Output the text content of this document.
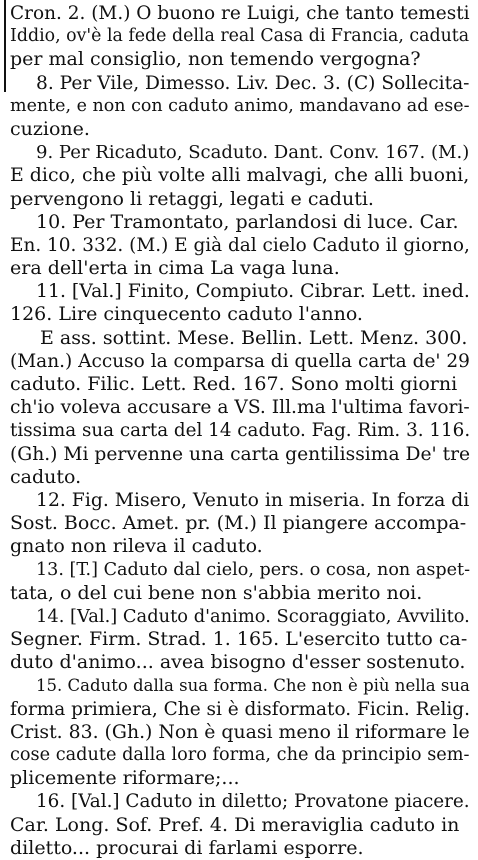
Cron. 2. (M.) O buono re Luigi, che tanto temesti
Iddio, ov'è la fede della real Casa di Francia, caduta
per mal consiglio, non temendo vergogna?
8. Per Vile, Dimesso. Liv. Dec. 3. (C) Sollecita-
mente, e non con caduto animo, mandavano ad ese-
cuzione.
9. Per Ricaduto, Scaduto. Dant. Conv. 167. (M.)
E dico, che più volte alli malvagi, che alli buoni,
pervengono li retaggi, legati e caduti.
10. Per Tramontato, parlandosi di luce. Car.
En. 10. 332. (M.) E già dal cielo Caduto il giorno,
era dell'erta in cima La vaga luna.
11. [Val.] Finito, Compiuto. Cibrar. Lett. ined.
126. Lire cinquecento caduto l'anno.
E ass. sottint. Mese. Bellin. Lett. Menz. 300.
(Man.) Accuso la comparsa di quella carta de' 29
caduto. Filic. Lett. Red. 167. Sono molti giorni
ch'io voleva accusare a VS. Ill.ma l'ultima favori-
tissima sua carta del 14 caduto. Fag. Rim. 3. 116.
(Gh.) Mi pervenne una carta gentilissima De' tre
caduto.
12. Fig. Misero, Venuto in miseria. In forza di
Sost. Bocc. Amet. pr. (M.) Il piangere accompa-
gnato non rileva il caduto.
13. [T.] Caduto dal cielo, pers. o cosa, non aspet-
tata, o del cui bene non s'abbia merito noi.
14. [Val.] Caduto d'animo. Scoraggiato, Avvilito.
Segner. Firm. Strad. 1. 165. L'esercito tutto ca-
duto d'animo... avea bisogno d'esser sostenuto.
15. Caduto dalla sua forma. Che non è più nella sua
forma primiera, Che si è disformato. Ficin. Relig.
Crist. 83. (Gh.) Non è quasi meno il riformare le
cose cadute dalla loro forma, che da principio sem-
plicemente riformare;...
16. [Val.] Caduto in diletto; Provatone piacere.
Car. Long. Sof. Pref. 4. Di meraviglia caduto in
diletto... procurai di farlami esporre.
